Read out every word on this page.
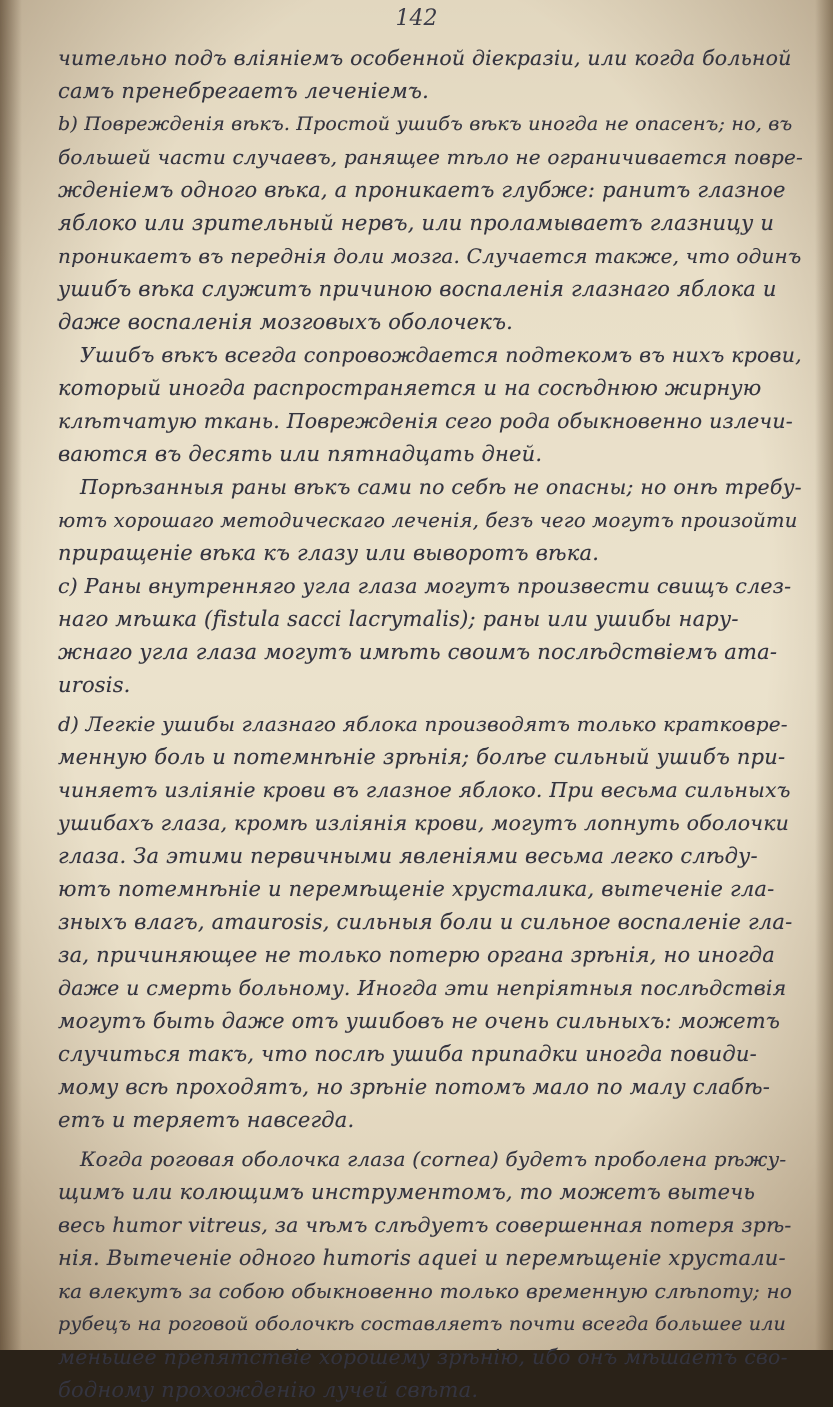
142
чительно подъ вліяніемъ особенной діекразіи, или когда больной
самъ пренебрегаетъ леченіемъ.
b) Поврежденія вѣкъ. Простой ушибъ вѣкъ иногда не опасенъ; но, въ
большей части случаевъ, ранящее тѣло не ограничивается повре-
жденіемъ одного вѣка, а проникаетъ глубже: ранитъ глазное
яблоко или зрительный нервъ, или проламываетъ глазницу и
проникаетъ въ переднія доли мозга. Случается также, что одинъ
ушибъ вѣка служитъ причиною воспаленія глазнаго яблока и
даже воспаленія мозговыхъ оболочекъ.
Ушибъ вѣкъ всегда сопровождается подтекомъ въ нихъ крови,
который иногда распространяется и на сосѣднюю жирную
клѣтчатую ткань. Поврежденія сего рода обыкновенно излечи-
ваются въ десять или пятнадцать дней.
Порѣзанныя раны вѣкъ сами по себѣ не опасны; но онѣ требу-
ютъ хорошаго методическаго леченія, безъ чего могутъ произойти
приращеніе вѣка къ глазу или выворотъ вѣка.
c) Раны внутренняго угла глаза могутъ произвести свищъ слез-
наго мѣшка (fistula sacci lacrymalis); раны или ушибы нару-
жнаго угла глаза могутъ имѣть своимъ послѣдствіемъ ama-
urosis.
d) Легкіе ушибы глазнаго яблока производятъ только кратковре-
менную боль и потемнѣніе зрѣнія; болѣе сильный ушибъ при-
чиняетъ изліяніе крови въ глазное яблоко. При весьма сильныхъ
ушибахъ глаза, кромѣ изліянія крови, могутъ лопнуть оболочки
глаза. За этими первичными явленіями весьма легко слѣду-
ютъ потемнѣніе и перемѣщеніе хрусталика, вытеченіе гла-
зныхъ влагъ, amaurosis, сильныя боли и сильное воспаленіе гла-
за, причиняющее не только потерю органа зрѣнія, но иногда
даже и смерть больному. Иногда эти непріятныя послѣдствія
могутъ быть даже отъ ушибовъ не очень сильныхъ: можетъ
случиться такъ, что послѣ ушиба припадки иногда повиди-
мому всѣ проходятъ, но зрѣніе потомъ мало по малу слабѣ-
етъ и теряетъ навсегда.
Когда роговая оболочка глаза (cornea) будетъ проболена рѣжу-
щимъ или колющимъ инструментомъ, то можетъ вытечь
весь humor vitreus, за чѣмъ слѣдуетъ совершенная потеря зрѣ-
нія. Вытеченіе одного humoris aquei и перемѣщеніе хрустали-
ка влекутъ за собою обыкновенно только временную слѣпоту; но
рубецъ на роговой оболочкѣ составляетъ почти всегда большее или
меньшее препятствіе хорошему зрѣнію, ибо онъ мѣшаетъ сво-
бодному прохожденію лучей свѣта.
